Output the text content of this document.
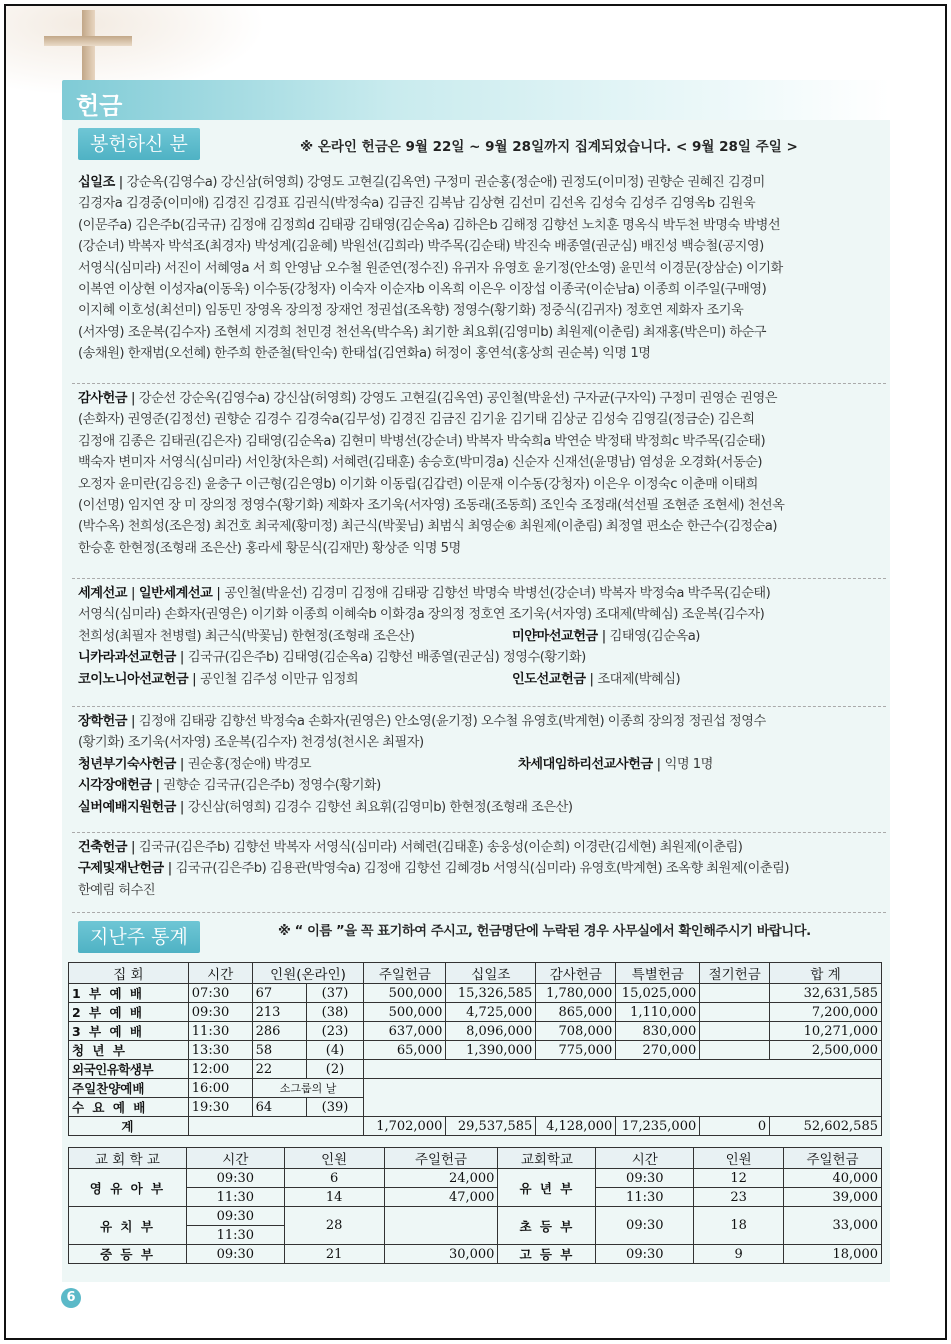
헌금
봉헌하신 분	※ 온라인 헌금은 9월 22일 ~ 9월 28일까지 집계되었습니다. < 9월 28일 주일 >
십일조 | 강순옥(김영수a) 강신삼(허영희) 강영도 고현길(김옥연) 구정미 권순홍(정순애) 권정도(이미정) 권향순 권혜진 김경미
김경자a 김경중(이미애) 김경진 김경표 김권식(박정숙a) 김금진 김복남 김상현 김선미 김선옥 김성숙 김성주 김영옥b 김원욱
(이문주a) 김은주b(김국규) 김정애 김정희d 김태광 김태영(김순옥a) 김하은b 김해정 김향선 노치훈 명옥식 박두천 박명숙 박병선
(강순녀) 박복자 박석조(최경자) 박성계(김윤혜) 박원선(김희라) 박주목(김순태) 박진숙 배종열(권군심) 배진성 백승철(공지영)
서영식(심미라) 서진이 서혜영a 서 희 안영남 오수철 원준연(정수진) 유귀자 유영호 윤기정(안소영) 윤민석 이경문(장삼순) 이기화
이복연 이상현 이성자a(이동욱) 이수동(강청자) 이숙자 이순자b 이옥희 이은우 이장섭 이종국(이순남a) 이종희 이주일(구매영)
이지혜 이호성(최선미) 임동민 장영옥 장의정 장재언 정권섭(조옥향) 정영수(황기화) 정중식(김귀자) 정호연 제화자 조기욱
(서자영) 조운복(김수자) 조현세 지경희 천민경 천선옥(박수옥) 최기한 최요휘(김영미b) 최원제(이춘림) 최재홍(박은미) 하순구
(송채원) 한재범(오선혜) 한주희 한준철(탁인숙) 한태섭(김연화a) 허정이 홍연석(홍상희 권순복) 익명 1명
감사헌금 | 강순선 강순옥(김영수a) 강신삼(허영희) 강영도 고현길(김옥연) 공인철(박윤선) 구자균(구자익) 구정미 권영순 권영은
(손화자) 권영준(김정선) 권향순 김경수 김경숙a(김무성) 김경진 김금진 김기윤 김기태 김상군 김성숙 김영길(정금순) 김은희
김정애 김종은 김태권(김은자) 김태영(김순옥a) 김현미 박병선(강순녀) 박복자 박숙희a 박연순 박정태 박정희c 박주목(김순태)
백숙자 변미자 서영식(심미라) 서인창(차은희) 서혜련(김태훈) 송승호(박미경a) 신순자 신재선(윤명남) 염성윤 오경화(서동순)
오정자 윤미란(김응진) 윤충구 이근형(김은영b) 이기화 이동립(김갑련) 이문재 이수동(강청자) 이은우 이정숙c 이춘매 이태희
(이선명) 임지연 장 미 장의정 정영수(황기화) 제화자 조기욱(서자영) 조동래(조동희) 조인숙 조정래(석선필 조현준 조현세) 천선옥
(박수옥) 천희성(조은정) 최건호 최국제(황미정) 최근식(박꽃님) 최범식 최영순⑥ 최원제(이춘림) 최정열 편소순 한근수(김정순a)
한승훈 한현정(조형래 조은산) 홍라세 황문식(김재만) 황상준 익명 5명
세계선교 | 일반세계선교 | 공인철(박윤선) 김경미 김정애 김태광 김향선 박명숙 박병선(강순녀) 박복자 박정숙a 박주목(김순태)
서영식(심미라) 손화자(권영은) 이기화 이종희 이혜숙b 이화경a 장의정 정호연 조기욱(서자영) 조대제(박혜심) 조운복(김수자)
천희성(최필자 천병렬) 최근식(박꽃님) 한현정(조형래 조은산)	미얀마선교헌금 | 김태영(김순옥a)
니카라과선교헌금 | 김국규(김은주b) 김태영(김순옥a) 김향선 배종열(권군심) 정영수(황기화)
코이노니아선교헌금 | 공인철 김주성 이만규 임정희	인도선교헌금 | 조대제(박혜심)
장학헌금 | 김정애 김태광 김향선 박정숙a 손화자(권영은) 안소영(윤기정) 오수철 유영호(박계현) 이종희 장의정 정권섭 정영수
(황기화) 조기욱(서자영) 조운복(김수자) 천경성(천시온 최필자)
청년부기숙사헌금 | 권순홍(정순애) 박경모	차세대임하리선교사헌금 | 익명 1명
시각장애헌금 | 권향순 김국규(김은주b) 정영수(황기화)
실버예배지원헌금 | 강신삼(허영희) 김경수 김향선 최요휘(김영미b) 한현정(조형래 조은산)
건축헌금 | 김국규(김은주b) 김향선 박복자 서영식(심미라) 서혜련(김태훈) 송웅성(이순희) 이경란(김세현) 최원제(이춘림)
구제및재난헌금 | 김국규(김은주b) 김용관(박영숙a) 김정애 김향선 김혜경b 서영식(심미라) 유영호(박계현) 조옥향 최원제(이춘림)
한예림 허수진
지난주 통계	※ “ 이름 ”을 꼭 표기하여 주시고, 헌금명단에 누락된 경우 사무실에서 확인해주시기 바랍니다.
집 회	시간	인원(온라인)		주일헌금	십일조	감사헌금	특별헌금	절기헌금	합 계
1 부 예 배	07:30	67	(37)	500,000	15,326,585	1,780,000	15,025,000		32,631,585
2 부 예 배	09:30	213	(38)	500,000	4,725,000	865,000	1,110,000		7,200,000
3 부 예 배	11:30	286	(23)	637,000	8,096,000	708,000	830,000		10,271,000
청 년 부	13:30	58	(4)	65,000	1,390,000	775,000	270,000		2,500,000
외국인유학생부	12:00	22	(2)						
주일찬양예배	16:00	소그룹의 날							
수 요 예 배	19:30	64	(39)						
계				1,702,000	29,537,585	4,128,000	17,235,000	0	52,602,585
교 회 학 교	시간	인원	주일헌금	교회학교	시간	인원	주일헌금
영 유 아 부	09:30	6	24,000	유 년 부	09:30	12	40,000
	11:30	14	47,000		11:30	23	39,000
유 치 부	09:30	28		초 등 부	09:30	18	33,000
	11:30						
중 등 부	09:30	21	30,000	고 등 부	09:30	9	18,000
6
